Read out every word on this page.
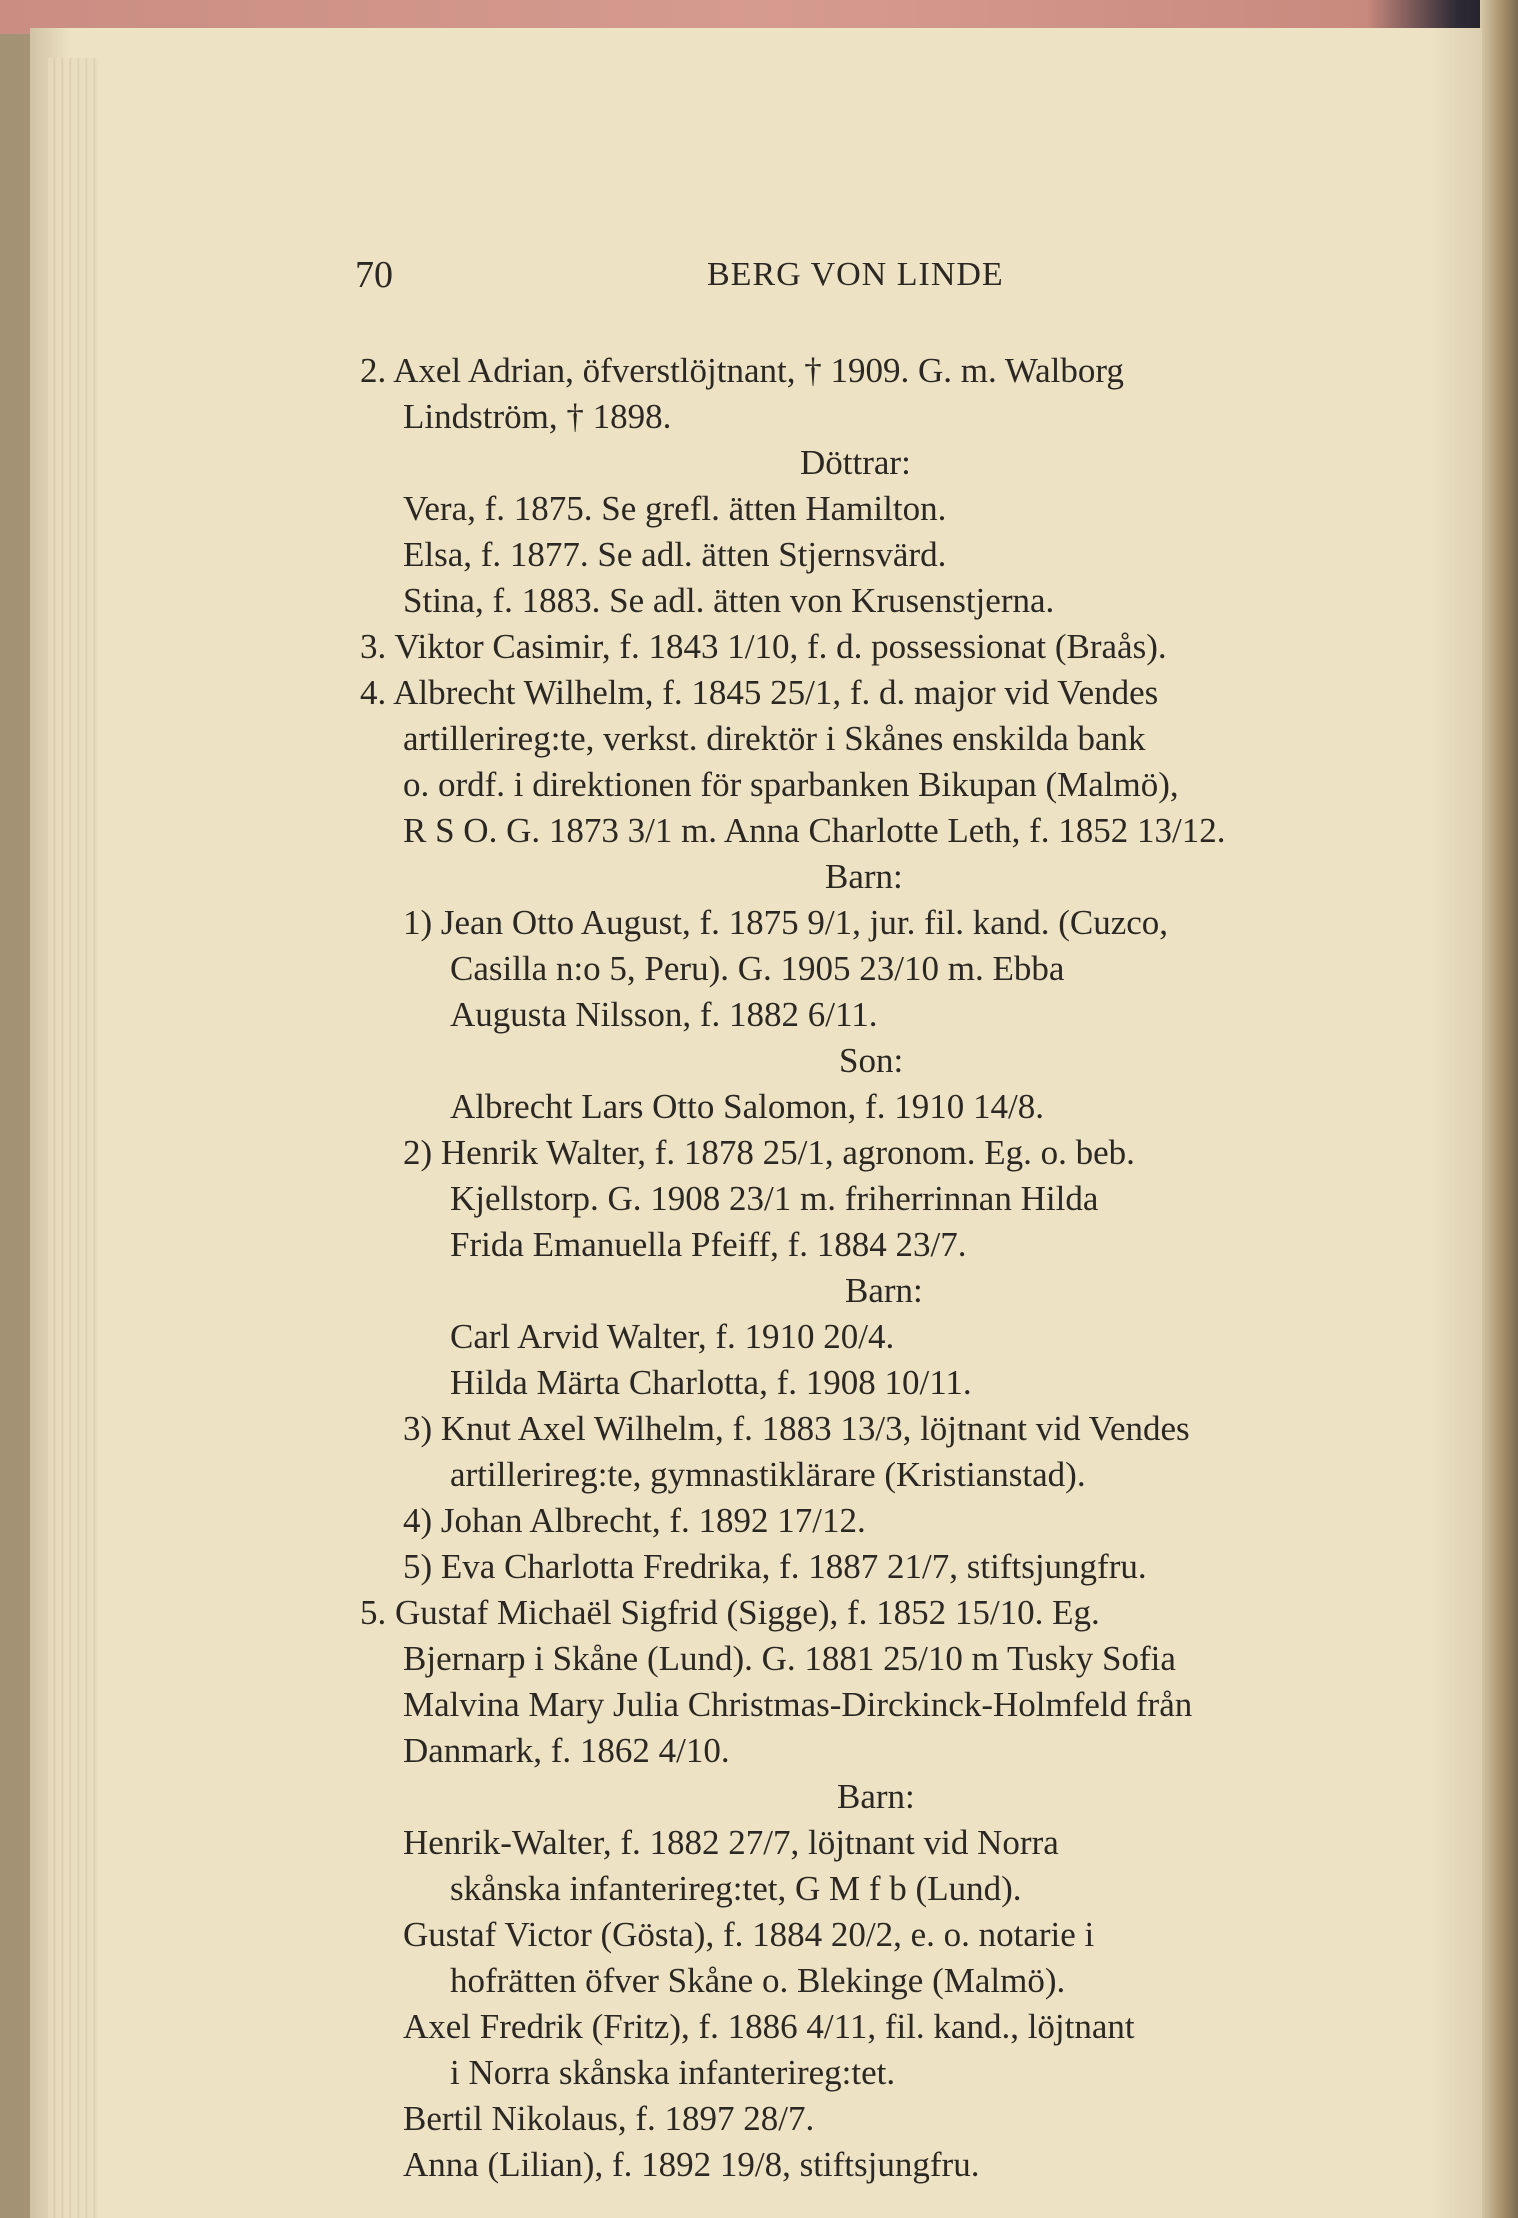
70	BERG VON LINDE
2. Axel Adrian, öfverstlöjtnant, † 1909. G. m. Walborg
Lindström, † 1898.
Döttrar:
Vera, f. 1875. Se grefl. ätten Hamilton.
Elsa, f. 1877. Se adl. ätten Stjernsvärd.
Stina, f. 1883. Se adl. ätten von Krusenstjerna.
3. Viktor Casimir, f. 1843 1/10, f. d. possessionat (Braås).
4. Albrecht Wilhelm, f. 1845 25/1, f. d. major vid Vendes
artillerireg:te, verkst. direktör i Skånes enskilda bank
o. ordf. i direktionen för sparbanken Bikupan (Malmö),
R S O. G. 1873 3/1 m. Anna Charlotte Leth, f. 1852 13/12.
Barn:
1) Jean Otto August, f. 1875 9/1, jur. fil. kand. (Cuzco,
Casilla n:o 5, Peru). G. 1905 23/10 m. Ebba
Augusta Nilsson, f. 1882 6/11.
Son:
Albrecht Lars Otto Salomon, f. 1910 14/8.
2) Henrik Walter, f. 1878 25/1, agronom. Eg. o. beb.
Kjellstorp. G. 1908 23/1 m. friherrinnan Hilda
Frida Emanuella Pfeiff, f. 1884 23/7.
Barn:
Carl Arvid Walter, f. 1910 20/4.
Hilda Märta Charlotta, f. 1908 10/11.
3) Knut Axel Wilhelm, f. 1883 13/3, löjtnant vid Vendes
artillerireg:te, gymnastiklärare (Kristianstad).
4) Johan Albrecht, f. 1892 17/12.
5) Eva Charlotta Fredrika, f. 1887 21/7, stiftsjungfru.
5. Gustaf Michaël Sigfrid (Sigge), f. 1852 15/10. Eg.
Bjernarp i Skåne (Lund). G. 1881 25/10 m Tusky Sofia
Malvina Mary Julia Christmas-Dirckinck-Holmfeld från
Danmark, f. 1862 4/10.
Barn:
Henrik-Walter, f. 1882 27/7, löjtnant vid Norra
skånska infanterireg:tet, G M f b (Lund).
Gustaf Victor (Gösta), f. 1884 20/2, e. o. notarie i
hofrätten öfver Skåne o. Blekinge (Malmö).
Axel Fredrik (Fritz), f. 1886 4/11, fil. kand., löjtnant
i Norra skånska infanterireg:tet.
Bertil Nikolaus, f. 1897 28/7.
Anna (Lilian), f. 1892 19/8, stiftsjungfru.
